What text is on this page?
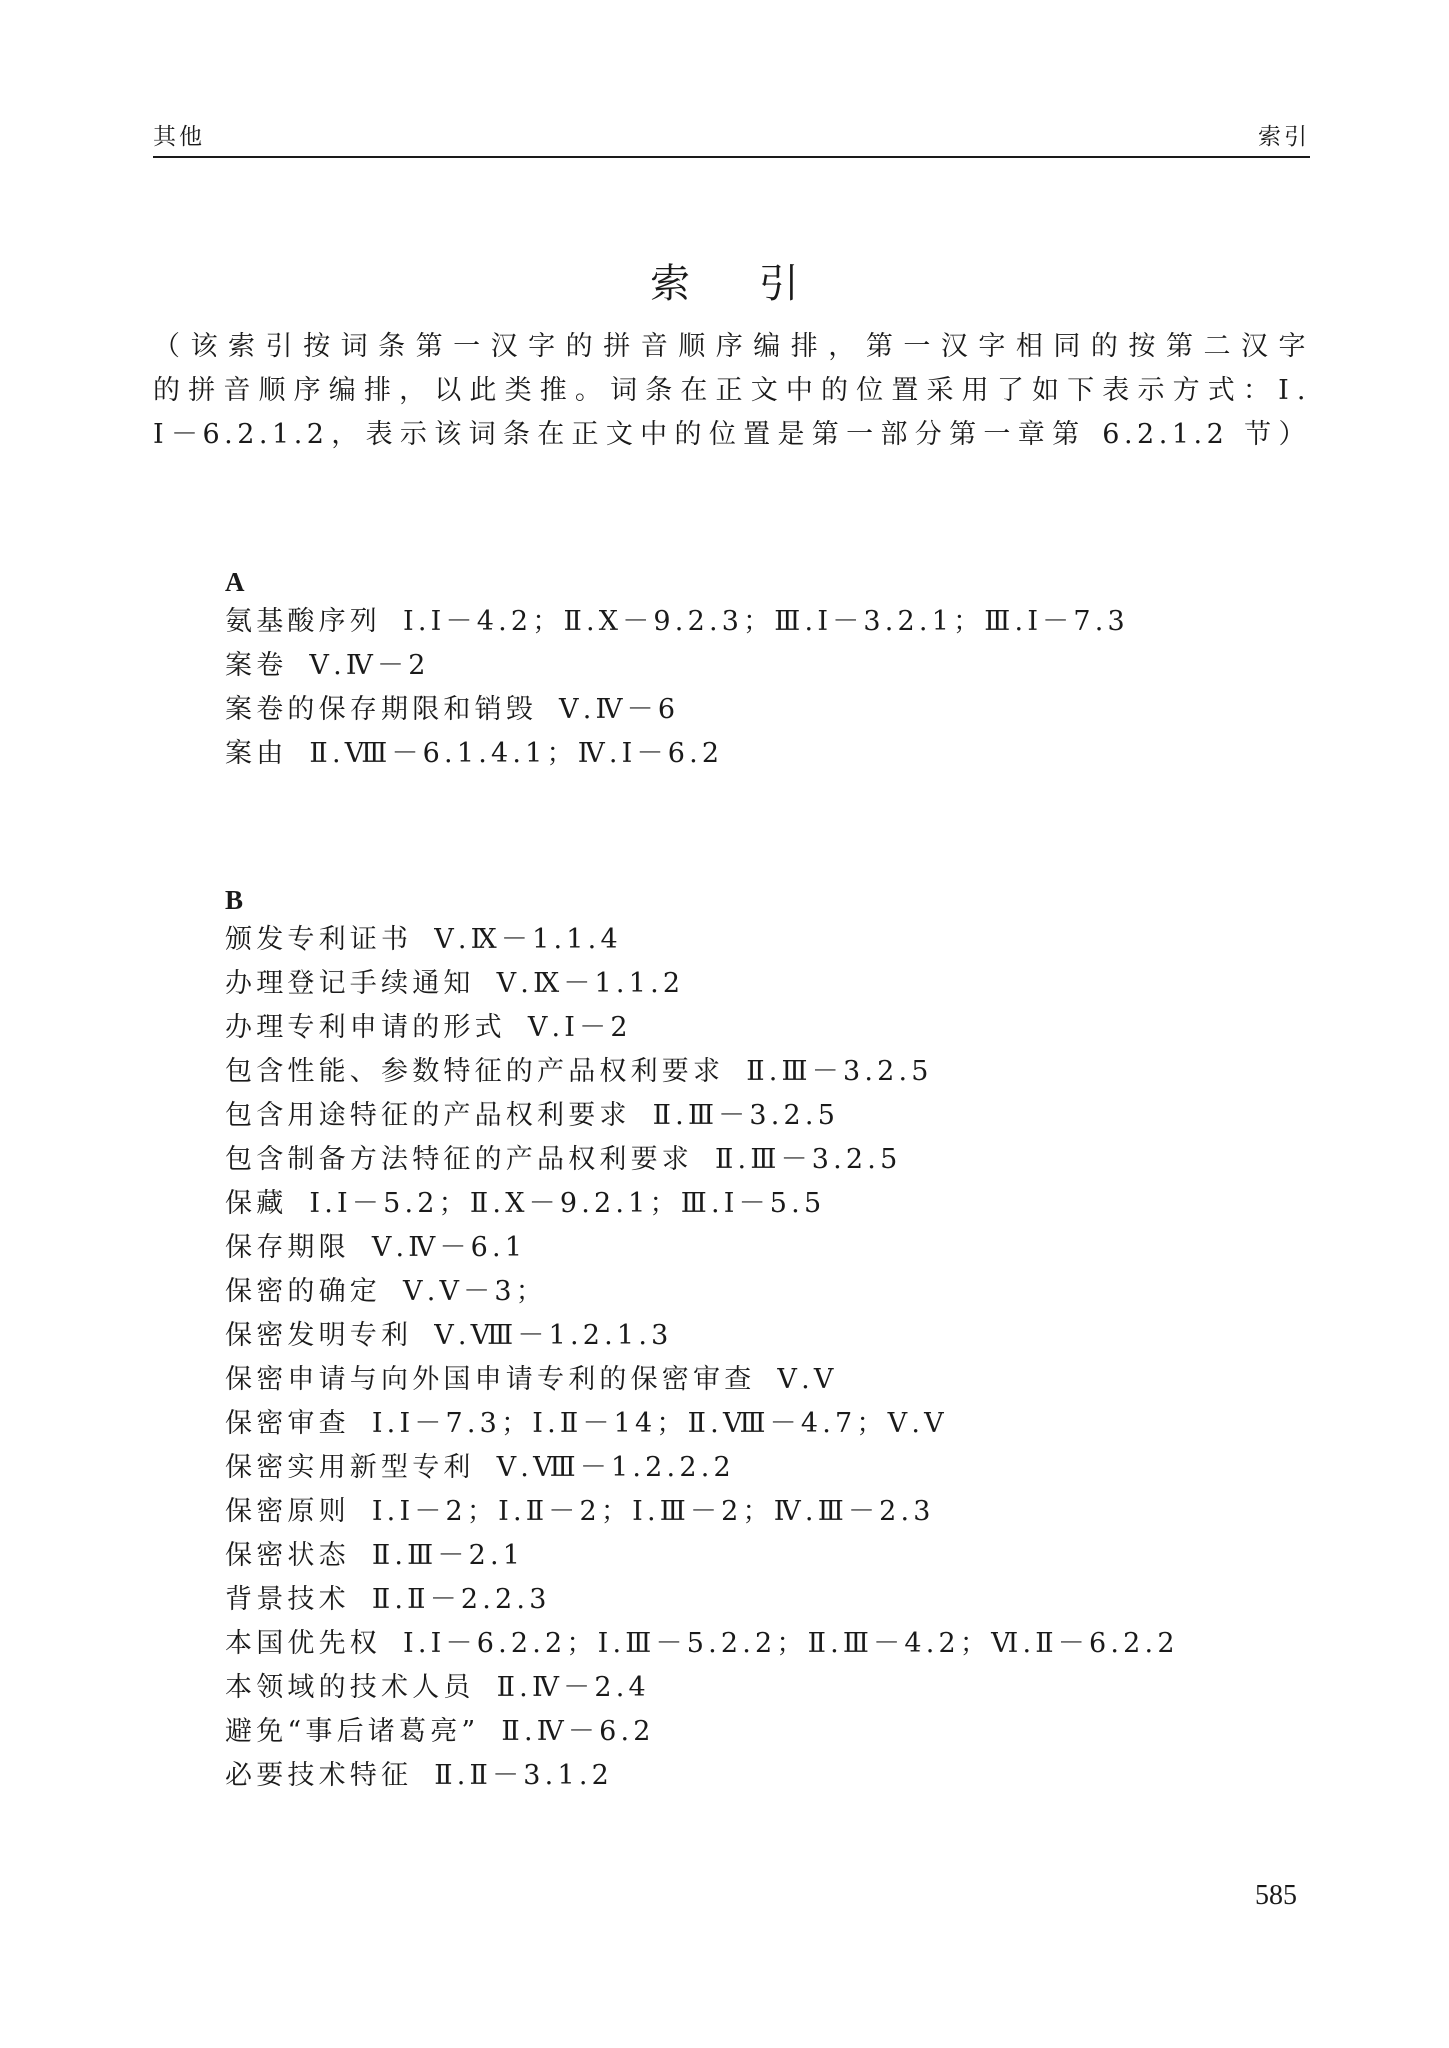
其他	索引
索 引

（该索引按词条第一汉字的拼音顺序编排，第一汉字相同的按第二汉字

的拼音顺序编排，以此类推。词条在正文中的位置采用了如下表示方式：Ⅰ.

Ⅰ－6.2.1.2，表示该词条在正文中的位置是第一部分第一章第 6.2.1.2 节）

A
氨基酸序列 Ⅰ.Ⅰ－4.2；Ⅱ.Ⅹ－9.2.3；Ⅲ.Ⅰ－3.2.1；Ⅲ.Ⅰ－7.3
案卷 Ⅴ.Ⅳ－2
案卷的保存期限和销毁 Ⅴ.Ⅳ－6
案由 Ⅱ.Ⅷ－6.1.4.1；Ⅳ.Ⅰ－6.2
B
颁发专利证书 Ⅴ.Ⅸ－1.1.4
办理登记手续通知 Ⅴ.Ⅸ－1.1.2
办理专利申请的形式 Ⅴ.Ⅰ－2
包含性能、参数特征的产品权利要求 Ⅱ.Ⅲ－3.2.5
包含用途特征的产品权利要求 Ⅱ.Ⅲ－3.2.5
包含制备方法特征的产品权利要求 Ⅱ.Ⅲ－3.2.5
保藏 Ⅰ.Ⅰ－5.2；Ⅱ.Ⅹ－9.2.1；Ⅲ.Ⅰ－5.5
保存期限 Ⅴ.Ⅳ－6.1
保密的确定 Ⅴ.Ⅴ－3；
保密发明专利 Ⅴ.Ⅷ－1.2.1.3
保密申请与向外国申请专利的保密审查 Ⅴ.Ⅴ
保密审查 Ⅰ.Ⅰ－7.3；Ⅰ.Ⅱ－14；Ⅱ.Ⅷ－4.7；Ⅴ.Ⅴ
保密实用新型专利 Ⅴ.Ⅷ－1.2.2.2
保密原则 Ⅰ.Ⅰ－2；Ⅰ.Ⅱ－2；Ⅰ.Ⅲ－2；Ⅳ.Ⅲ－2.3
保密状态 Ⅱ.Ⅲ－2.1
背景技术 Ⅱ.Ⅱ－2.2.3
本国优先权 Ⅰ.Ⅰ－6.2.2；Ⅰ.Ⅲ－5.2.2；Ⅱ.Ⅲ－4.2；Ⅵ.Ⅱ－6.2.2
本领域的技术人员 Ⅱ.Ⅳ－2.4
避免“事后诸葛亮” Ⅱ.Ⅳ－6.2
必要技术特征 Ⅱ.Ⅱ－3.1.2
585
